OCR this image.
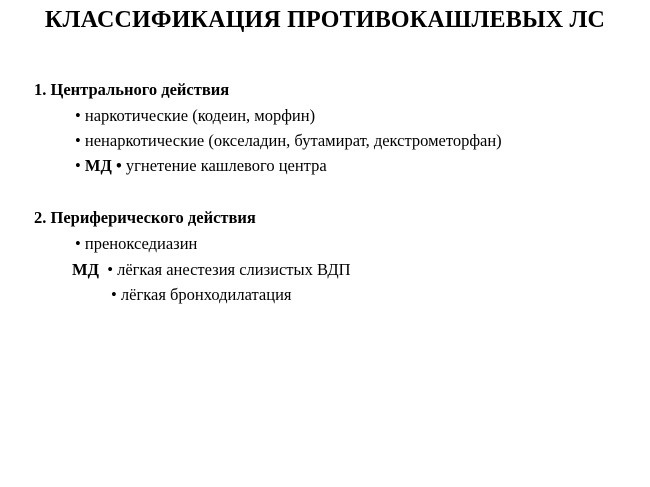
КЛАССИФИКАЦИЯ ПРОТИВОКАШЛЕВЫХ ЛС
1. Центрального действия
• наркотические (кодеин, морфин)
• ненаркотические (окселадин, бутамират, декстрометорфан)
• МД • угнетение кашлевого центра
2. Периферического действия
• пренокседиазин
МД • лёгкая анестезия слизистых ВДП
• лёгкая бронходилатация
